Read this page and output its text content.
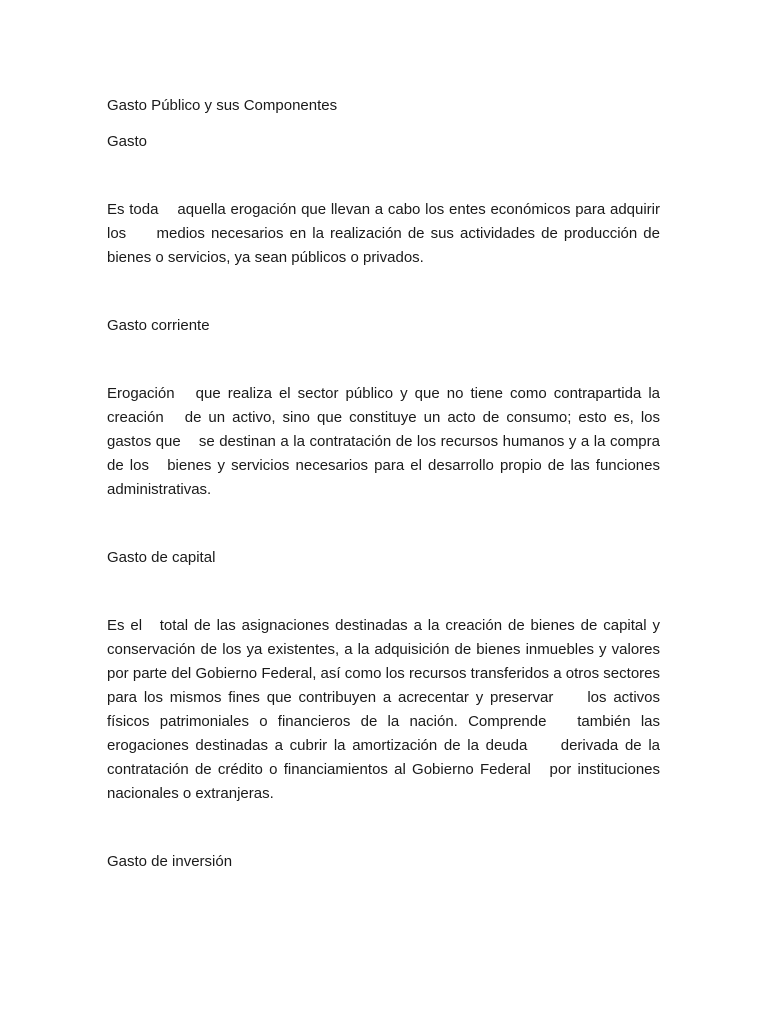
Gasto Público y sus Componentes

Gasto

Es toda    aquella erogación que llevan a cabo los entes económicos para adquirir los     medios necesarios en la realización de sus actividades de producción de   bienes o servicios, ya sean públicos o privados.

Gasto corriente

Erogación   que realiza el sector público y que no tiene como contrapartida la creación   de un activo, sino que constituye un acto de consumo; esto es, los gastos que    se destinan a la contratación de los recursos humanos y a la compra de los   bienes y servicios necesarios para el desarrollo propio de las funciones   administrativas.

Gasto de capital

Es el   total de las asignaciones destinadas a la creación de bienes de capital y conservación de los ya existentes, a la adquisición de bienes inmuebles y valores por parte del Gobierno Federal, así como los recursos transferidos a otros sectores para los mismos fines que contribuyen a acrecentar y preservar     los activos físicos patrimoniales o financieros de la nación. Comprende   también las erogaciones destinadas a cubrir la amortización de la deuda     derivada de la contratación de crédito o financiamientos al Gobierno Federal   por instituciones nacionales o extranjeras.

Gasto de inversión
